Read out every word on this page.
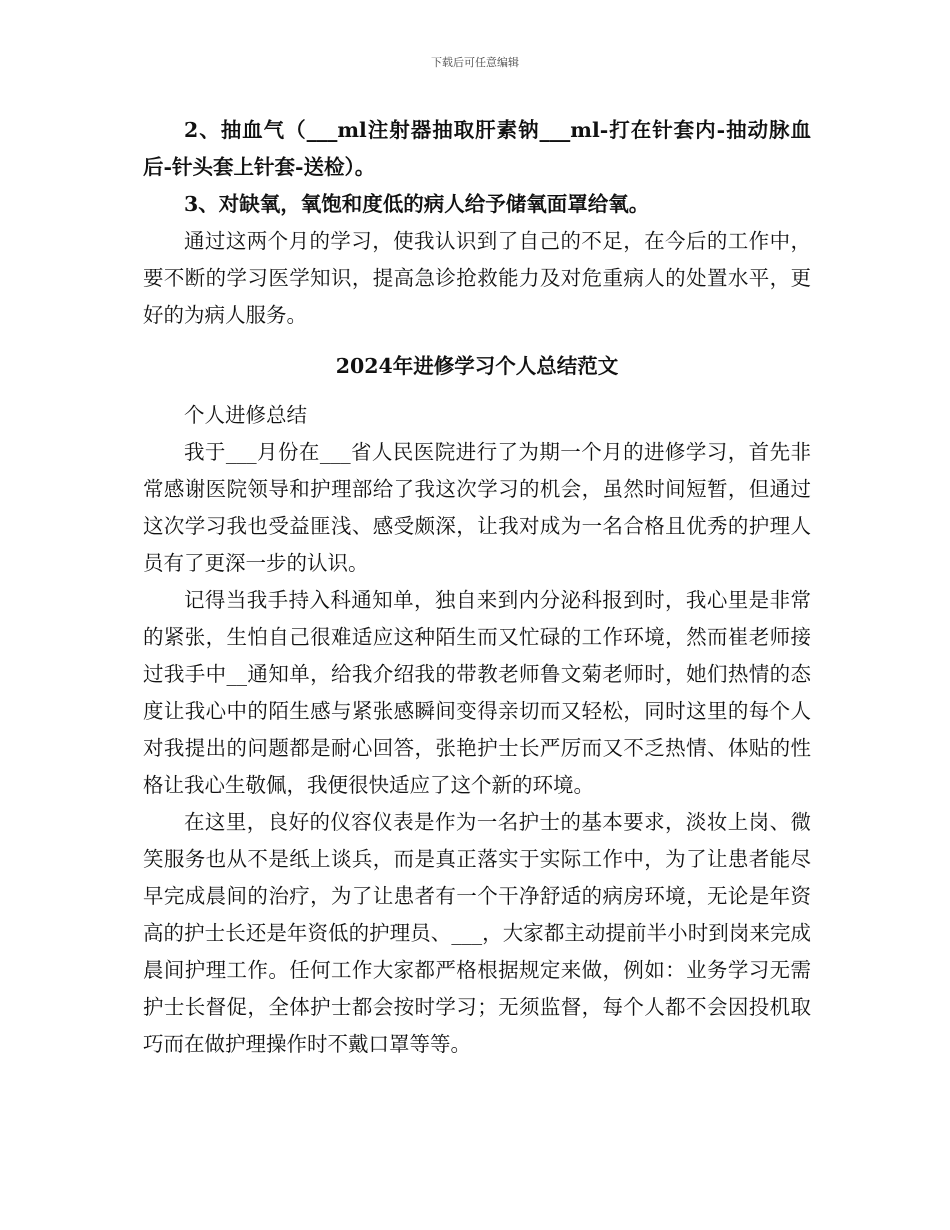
下载后可任意编辑

2、抽血气（___ml注射器抽取肝素钠___ml-打在针套内-抽动脉血后-针头套上针套-送检）。

3、对缺氧，氧饱和度低的病人给予储氧面罩给氧。

通过这两个月的学习，使我认识到了自己的不足，在今后的工作中，要不断的学习医学知识，提高急诊抢救能力及对危重病人的处置水平，更好的为病人服务。

2024年进修学习个人总结范文

个人进修总结

我于___月份在___省人民医院进行了为期一个月的进修学习，首先非常感谢医院领导和护理部给了我这次学习的机会，虽然时间短暂，但通过这次学习我也受益匪浅、感受颇深，让我对成为一名合格且优秀的护理人员有了更深一步的认识。

记得当我手持入科通知单，独自来到内分泌科报到时，我心里是非常的紧张，生怕自己很难适应这种陌生而又忙碌的工作环境，然而崔老师接过我手中__通知单，给我介绍我的带教老师鲁文菊老师时，她们热情的态度让我心中的陌生感与紧张感瞬间变得亲切而又轻松，同时这里的每个人对我提出的问题都是耐心回答，张艳护士长严厉而又不乏热情、体贴的性格让我心生敬佩，我便很快适应了这个新的环境。

在这里，良好的仪容仪表是作为一名护士的基本要求，淡妆上岗、微笑服务也从不是纸上谈兵，而是真正落实于实际工作中，为了让患者能尽早完成晨间的治疗，为了让患者有一个干净舒适的病房环境，无论是年资高的护士长还是年资低的护理员、___，大家都主动提前半小时到岗来完成晨间护理工作。任何工作大家都严格根据规定来做，例如：业务学习无需护士长督促，全体护士都会按时学习；无须监督，每个人都不会因投机取巧而在做护理操作时不戴口罩等等。
